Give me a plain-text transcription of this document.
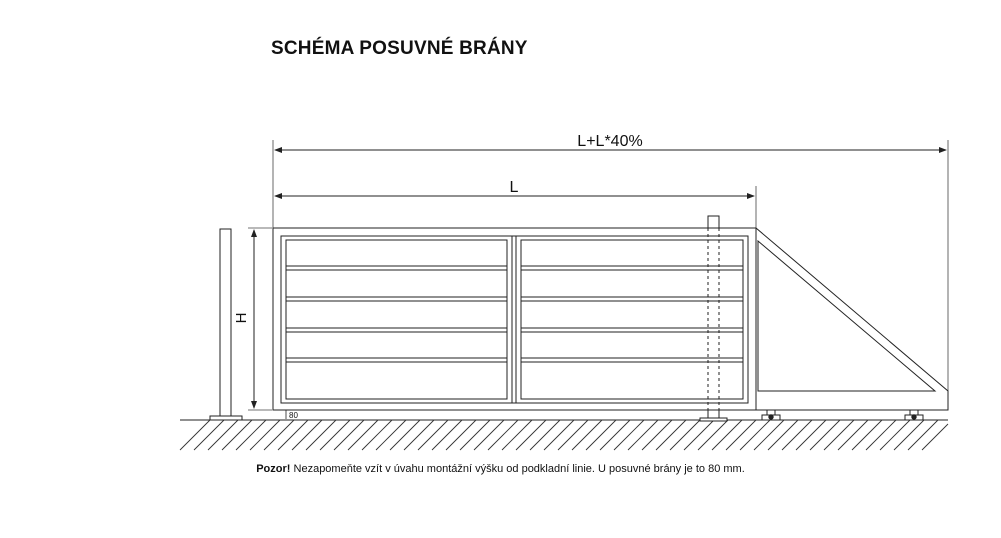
SCHÉMA POSUVNÉ BRÁNY
L+L*40%
L
H
80
Pozor! Nezapomeňte vzít v úvahu montážní výšku od podkladní linie. U posuvné brány je to 80 mm.
